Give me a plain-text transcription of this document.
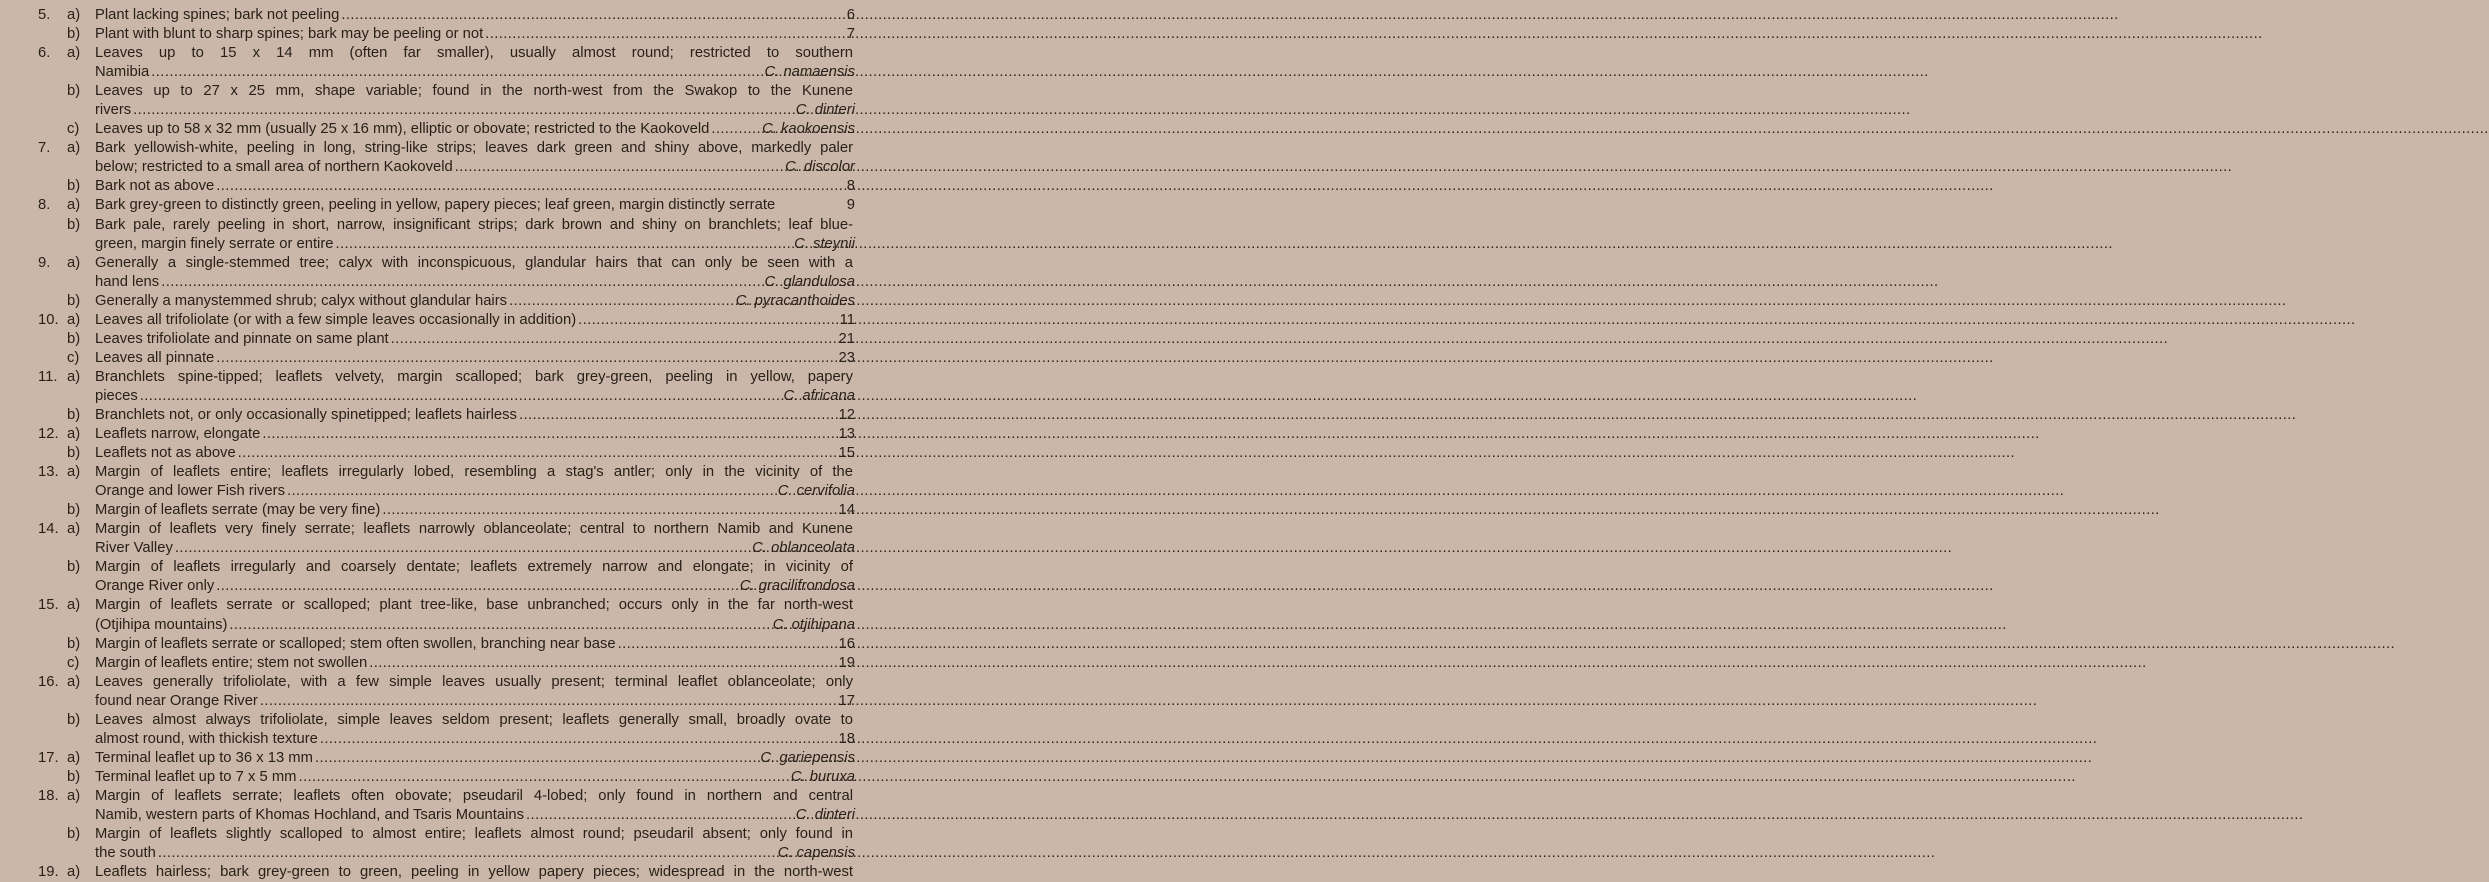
5.	a)	Plant lacking spines; bark not peeling .....	6
b)	Plant with blunt to sharp spines; bark may be peeling or not .....	7
6.	a)	Leaves up to 15 x 14 mm (often far smaller), usually almost round; restricted to southern
Namibia .....	C. namaensis
b)	Leaves up to 27 x 25 mm, shape variable; found in the north-west from the Swakop to the Kunene
rivers .....	C. dinteri
c)	Leaves up to 58 x 32 mm (usually 25 x 16 mm), elliptic or obovate; restricted to the Kaokoveld .....	C. kaokoensis
7.	a)	Bark yellowish-white, peeling in long, string-like strips; leaves dark green and shiny above, markedly paler
below; restricted to a small area of northern Kaokoveld .....	C. discolor
b)	Bark not as above .....	8
8.	a)	Bark grey-green to distinctly green, peeling in yellow, papery pieces; leaf green, margin distinctly serrate	9
b)	Bark pale, rarely peeling in short, narrow, insignificant strips; dark brown and shiny on branchlets; leaf blue-
green, margin finely serrate or entire .....	C. steynii
9.	a)	Generally a single-stemmed tree; calyx with inconspicuous, glandular hairs that can only be seen with a
hand lens .....	C. glandulosa
b)	Generally a manystemmed shrub; calyx without glandular hairs .....	C. pyracanthoides
10. a)	Leaves all trifoliolate (or with a few simple leaves occasionally in addition) .....	11
b)	Leaves trifoliolate and pinnate on same plant .....	21
c)	Leaves all pinnate .....	23
11. a)	Branchlets spine-tipped; leaflets velvety, margin scalloped; bark grey-green, peeling in yellow, papery
pieces .....	C. africana
b)	Branchlets not, or only occasionally spinetipped; leaflets hairless .....	12
12. a)	Leaflets narrow, elongate .....	13
b)	Leaflets not as above .....	15
13. a)	Margin of leaflets entire; leaflets irregularly lobed, resembling a stag's antler; only in the vicinity of the
Orange and lower Fish rivers .....	C. cervifolia
b)	Margin of leaflets serrate (may be very fine) .....	14
14. a)	Margin of leaflets very finely serrate; leaflets narrowly oblanceolate; central to northern Namib and Kunene
River Valley .....	C. oblanceolata
b)	Margin of leaflets irregularly and coarsely dentate; leaflets extremely narrow and elongate; in vicinity of
Orange River only .....	C. gracilifrondosa
15. a)	Margin of leaflets serrate or scalloped; plant tree-like, base unbranched; occurs only in the far north-west
(Otjihipa mountains) .....	C. otjihipana
b)	Margin of leaflets serrate or scalloped; stem often swollen, branching near base .....	16
c)	Margin of leaflets entire; stem not swollen .....	19
16. a)	Leaves generally trifoliolate, with a few simple leaves usually present; terminal leaflet oblanceolate; only
found near Orange River .....	17
b)	Leaves almost always trifoliolate, simple leaves seldom present; leaflets generally small, broadly ovate to
almost round, with thickish texture .....	18
17. a)	Terminal leaflet up to 36 x 13 mm .....	C. gariepensis
b)	Terminal leaflet up to 7 x 5 mm .....	C. buruxa
18. a)	Margin of leaflets serrate; leaflets often obovate; pseudaril 4-lobed; only found in northern and central
Namib, western parts of Khomas Hochland, and Tsaris Mountains .....	C. dinteri
b)	Margin of leaflets slightly scalloped to almost entire; leaflets almost round; pseudaril absent; only found in
the south .....	C. capensis
19. a)	Leaflets hairless; bark grey-green to green, peeling in yellow papery pieces; widespread in the north-west
